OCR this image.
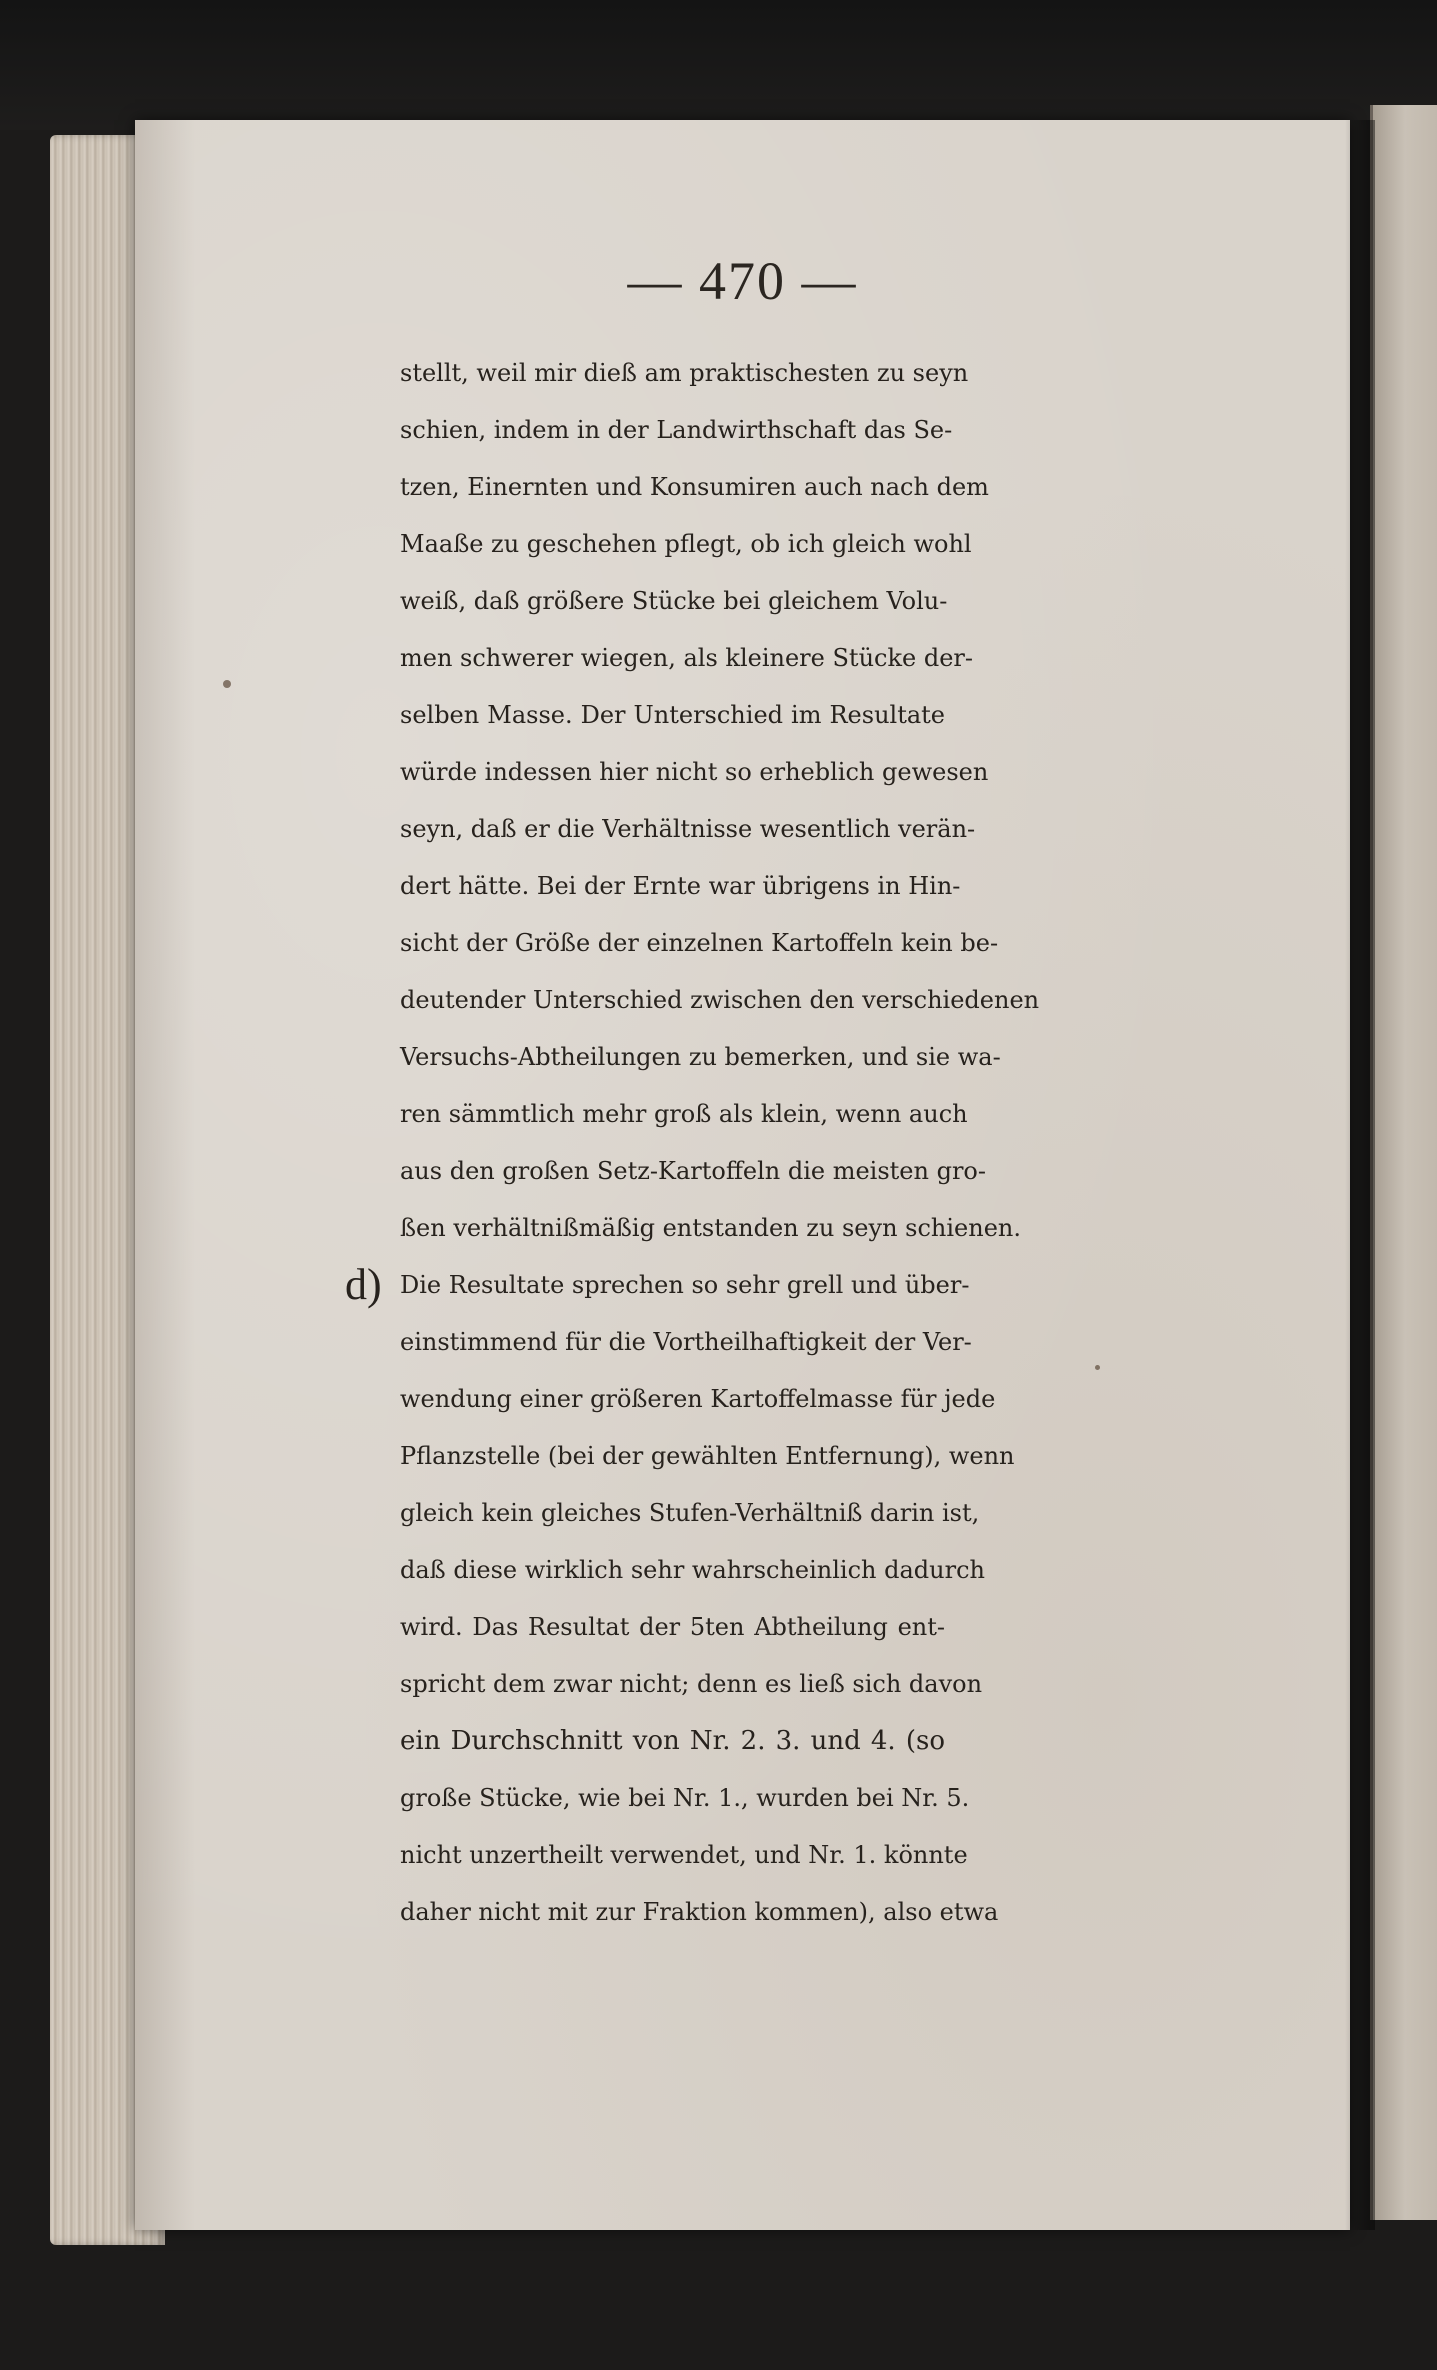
— 470 —
stellt, weil mir dieß am praktischesten zu seyn
schien, indem in der Landwirthschaft das Se-
tzen, Einernten und Konsumiren auch nach dem
Maaße zu geschehen pflegt, ob ich gleich wohl
weiß, daß größere Stücke bei gleichem Volu-
men schwerer wiegen, als kleinere Stücke der-
selben Masse. Der Unterschied im Resultate
würde indessen hier nicht so erheblich gewesen
seyn, daß er die Verhältnisse wesentlich verän-
dert hätte. Bei der Ernte war übrigens in Hin-
sicht der Größe der einzelnen Kartoffeln kein be-
deutender Unterschied zwischen den verschiedenen
Versuchs-Abtheilungen zu bemerken, und sie wa-
ren sämmtlich mehr groß als klein, wenn auch
aus den großen Setz-Kartoffeln die meisten gro-
ßen verhältnißmäßig entstanden zu seyn schienen.
d) Die Resultate sprechen so sehr grell und über-
einstimmend für die Vortheilhaftigkeit der Ver-
wendung einer größeren Kartoffelmasse für jede
Pflanzstelle (bei der gewählten Entfernung), wenn
gleich kein gleiches Stufen-Verhältniß darin ist,
daß diese wirklich sehr wahrscheinlich dadurch
wird. Das Resultat der 5ten Abtheilung ent-
spricht dem zwar nicht; denn es ließ sich davon
ein Durchschnitt von Nr. 2. 3. und 4. (so
große Stücke, wie bei Nr. 1., wurden bei Nr. 5.
nicht unzertheilt verwendet, und Nr. 1. könnte
daher nicht mit zur Fraktion kommen), also etwa
